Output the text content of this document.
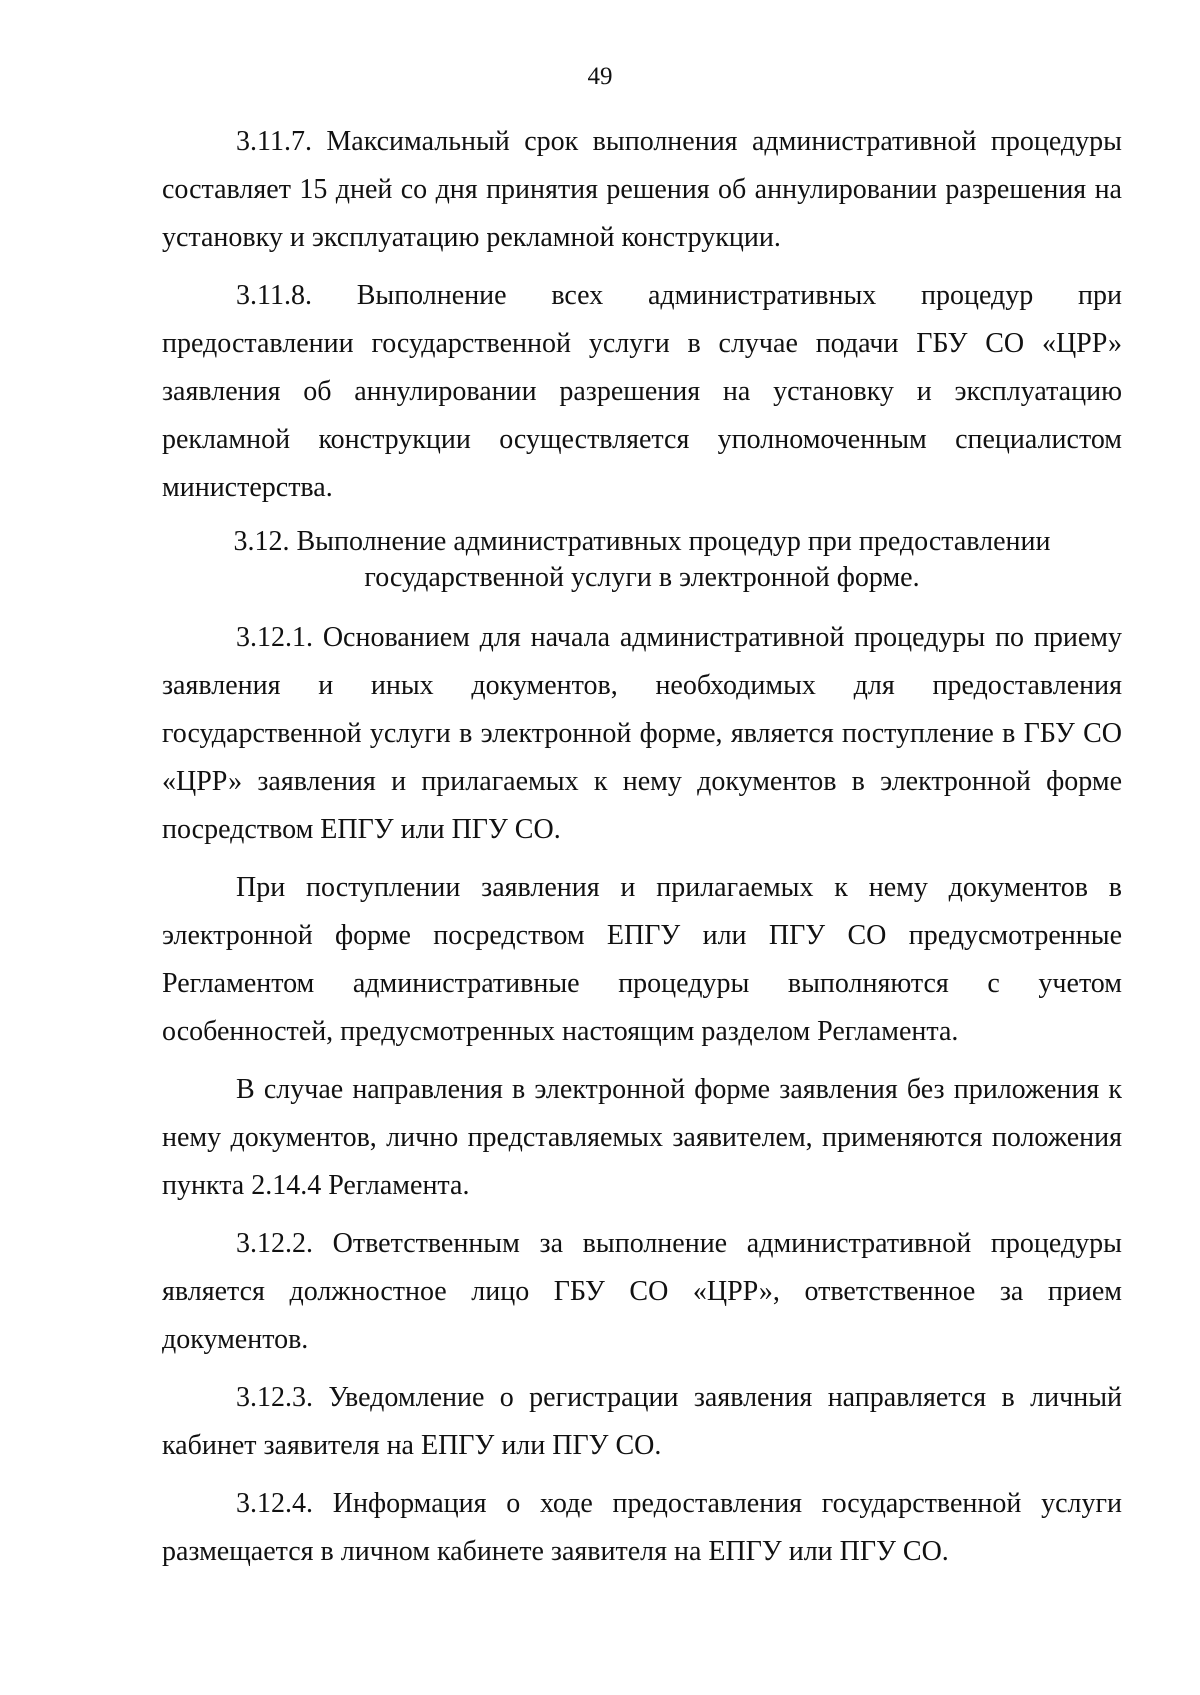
49

3.11.7. Максимальный срок выполнения административной процедуры составляет 15 дней со дня принятия решения об аннулировании разрешения на установку и эксплуатацию рекламной конструкции.

3.11.8. Выполнение всех административных процедур при предоставлении государственной услуги в случае подачи ГБУ СО «ЦРР» заявления об аннулировании разрешения на установку и эксплуатацию рекламной конструкции осуществляется уполномоченным специалистом министерства.

3.12. Выполнение административных процедур при предоставлении
государственной услуги в электронной форме.

3.12.1. Основанием для начала административной процедуры по приему заявления и иных документов, необходимых для предоставления государственной услуги в электронной форме, является поступление в ГБУ СО «ЦРР» заявления и прилагаемых к нему документов в электронной форме посредством ЕПГУ или ПГУ СО.

При поступлении заявления и прилагаемых к нему документов в электронной форме посредством ЕПГУ или ПГУ СО предусмотренные Регламентом административные процедуры выполняются с учетом особенностей, предусмотренных настоящим разделом Регламента.

В случае направления в электронной форме заявления без приложения к нему документов, лично представляемых заявителем, применяются положения пункта 2.14.4 Регламента.

3.12.2. Ответственным за выполнение административной процедуры является должностное лицо ГБУ СО «ЦРР», ответственное за прием документов.

3.12.3. Уведомление о регистрации заявления направляется в личный кабинет заявителя на ЕПГУ или ПГУ СО.

3.12.4. Информация о ходе предоставления государственной услуги размещается в личном кабинете заявителя на ЕПГУ или ПГУ СО.
